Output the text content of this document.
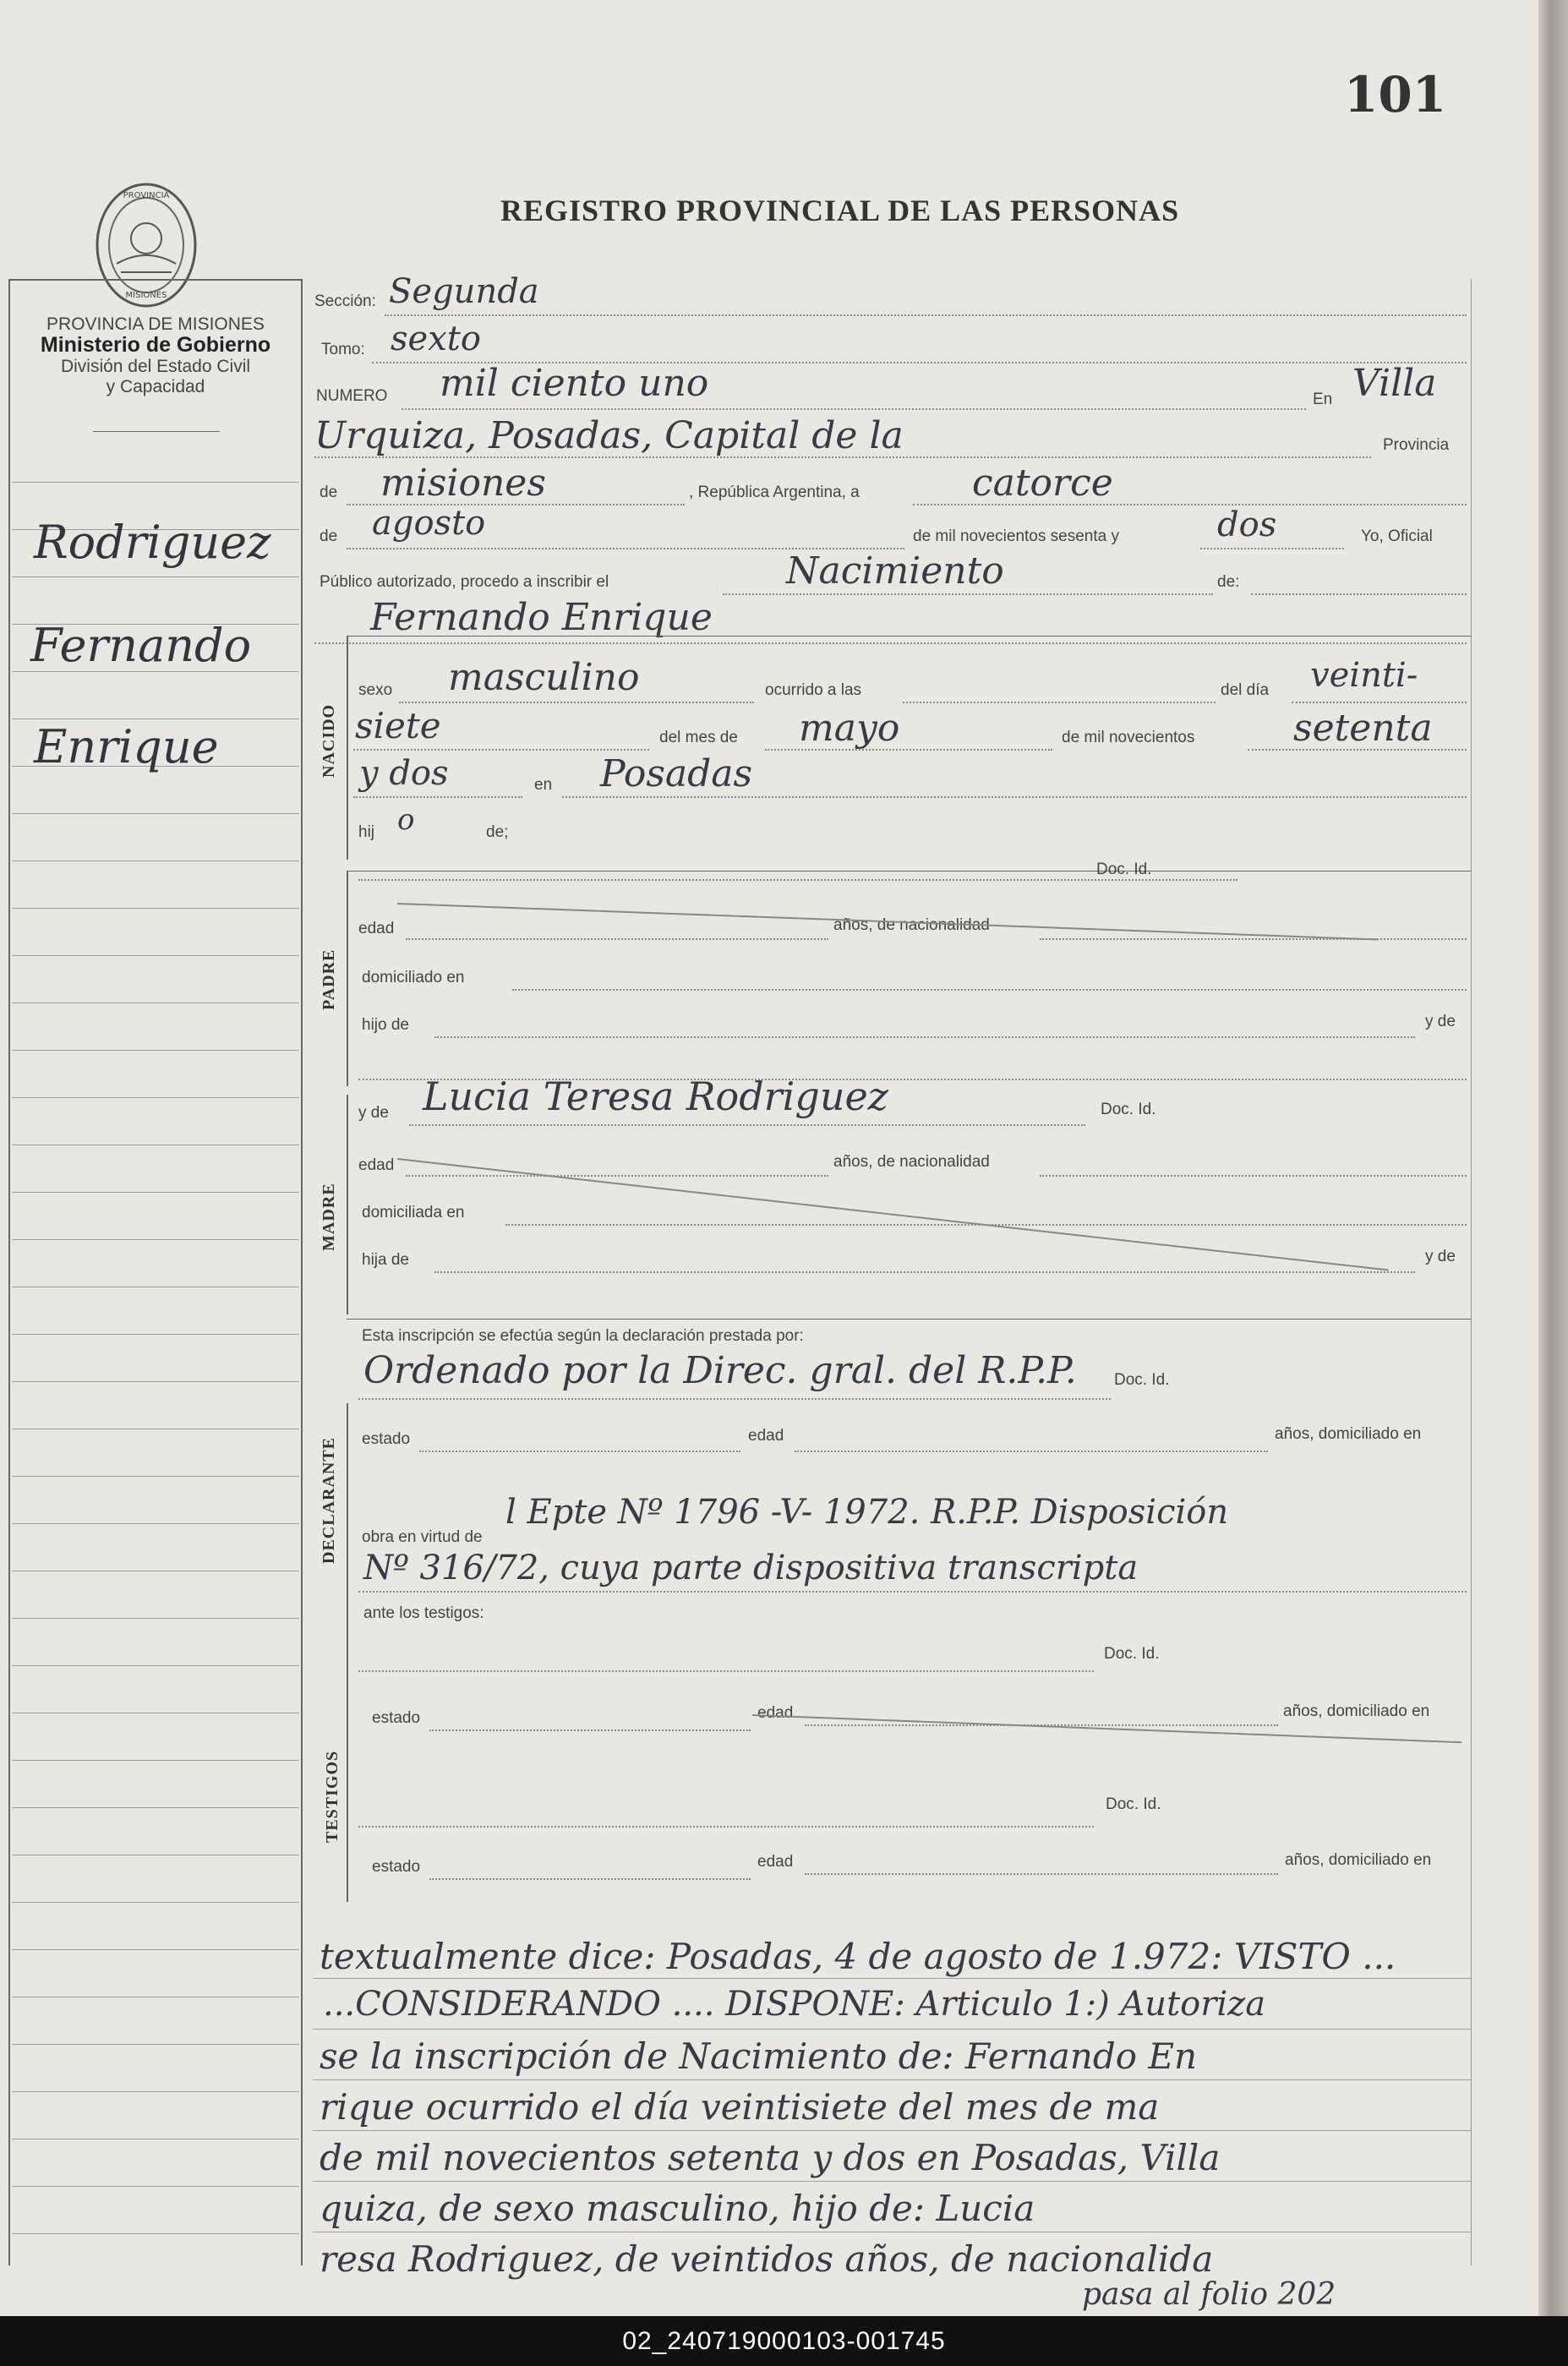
101
REGISTRO PROVINCIAL DE LAS PERSONAS
PROVINCIA
MISIONES
PROVINCIA DE MISIONES
Ministerio de Gobierno
División del Estado Civil
y Capacidad
Rodriguez
Fernando
Enrique
Sección: Segunda
Tomo: sexto
NUMERO mil ciento uno	En Villa
Urquiza, Posadas, Capital de la	Provincia
de misiones	, República Argentina, a	catorce
de agosto	de mil novecientos sesenta y	dos	Yo, Oficial
Público autorizado, procedo a inscribir el	Nacimiento	de:
Fernando Enrique
NACIDO
sexo masculino	ocurrido a las	del día veinti-
siete	del mes de mayo	de mil novecientos	setenta
y dos	en Posadas
hij o	de;
PADRE
Doc. Id.
edad	años, de nacionalidad
domiciliado en
hijo de	y de
y de Lucia Teresa Rodriguez	Doc. Id.
MADRE
edad	años, de nacionalidad
domiciliada en
hija de	y de
Esta inscripción se efectúa según la declaración prestada por:
Ordenado por la Direc. gral. del R.P.P. Doc. Id.
DECLARANTE estado	edad	años, domiciliado en
obra en virtud de
l Epte Nº 1796 -V- 1972. R.P.P. Disposición
Nº 316/72, cuya parte dispositiva transcripta
ante los testigos:
TESTIGOS
Doc. Id.
estado	edad	años, domiciliado en
Doc. Id.
estado	edad	años, domiciliado en
textualmente dice: Posadas, 4 de agosto de 1.972: VISTO ...
...CONSIDERANDO .... DISPONE: Articulo 1:) Autoriza
se la inscripción de Nacimiento de: Fernando En
rique ocurrido el día veintisiete del mes de ma
de mil novecientos setenta y dos en Posadas, Villa
quiza, de sexo masculino, hijo de: Lucia
resa Rodriguez, de veintidos años, de nacionalida
pasa al folio 202
02_240719000103-001745
